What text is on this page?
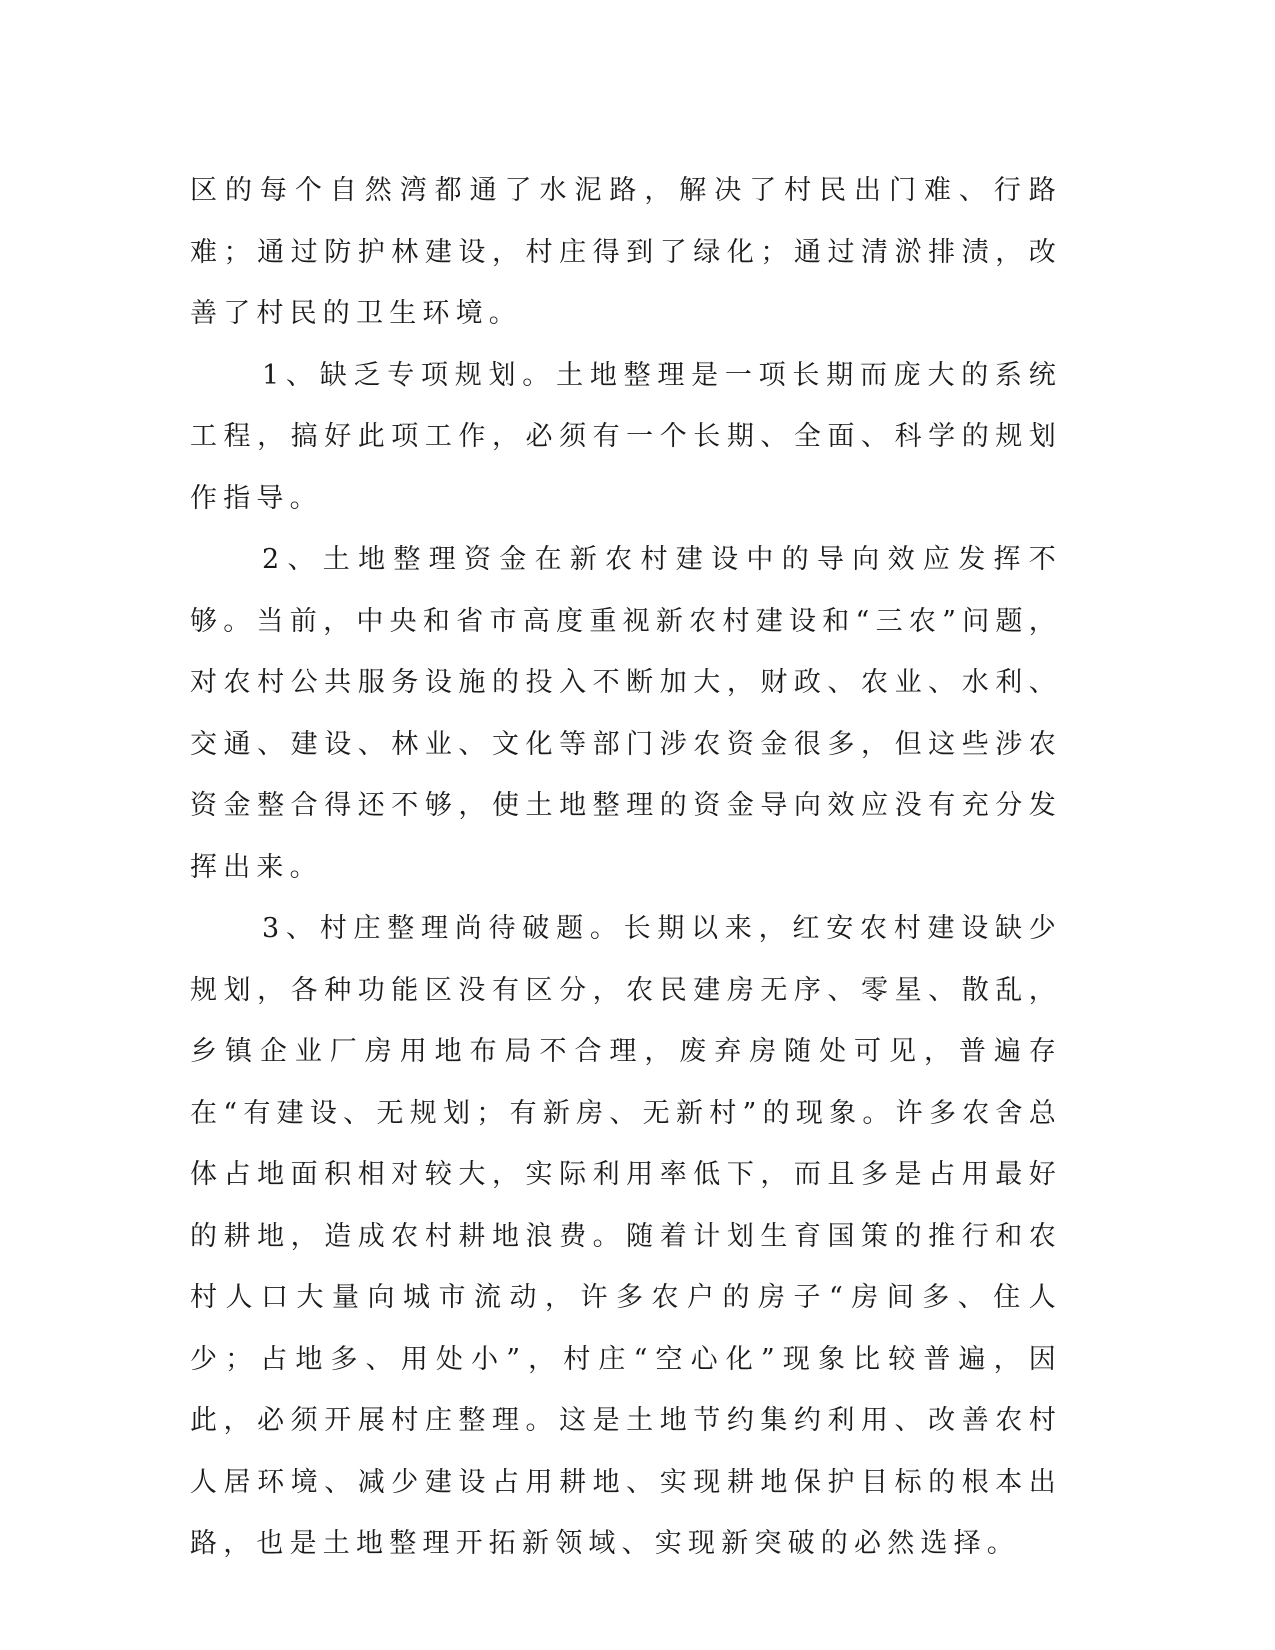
区的每个自然湾都通了水泥路，解决了村民出门难、行路难；通过防护林建设，村庄得到了绿化；通过清淤排渍，改善了村民的卫生环境。

1、缺乏专项规划。土地整理是一项长期而庞大的系统工程，搞好此项工作，必须有一个长期、全面、科学的规划作指导。

2、土地整理资金在新农村建设中的导向效应发挥不够。当前，中央和省市高度重视新农村建设和“三农”问题，对农村公共服务设施的投入不断加大，财政、农业、水利、交通、建设、林业、文化等部门涉农资金很多，但这些涉农资金整合得还不够，使土地整理的资金导向效应没有充分发挥出来。

3、村庄整理尚待破题。长期以来，红安农村建设缺少规划，各种功能区没有区分，农民建房无序、零星、散乱，乡镇企业厂房用地布局不合理，废弃房随处可见，普遍存在“有建设、无规划；有新房、无新村”的现象。许多农舍总体占地面积相对较大，实际利用率低下，而且多是占用最好的耕地，造成农村耕地浪费。随着计划生育国策的推行和农村人口大量向城市流动，许多农户的房子“房间多、住人少；占地多、用处小”，村庄“空心化”现象比较普遍，因此，必须开展村庄整理。这是土地节约集约利用、改善农村人居环境、减少建设占用耕地、实现耕地保护目标的根本出路，也是土地整理开拓新领域、实现新突破的必然选择。
